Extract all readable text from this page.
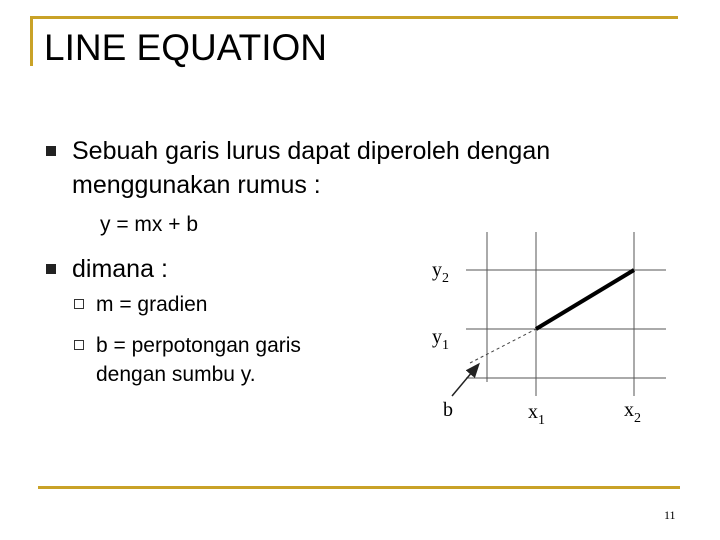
LINE EQUATION
Sebuah garis lurus dapat diperoleh dengan
menggunakan rumus :
y = mx + b
dimana :
m = gradien
b = perpotongan garis
dengan sumbu y.
$y_2$
$y_1$
b	$x_1$	$x_2$
11
